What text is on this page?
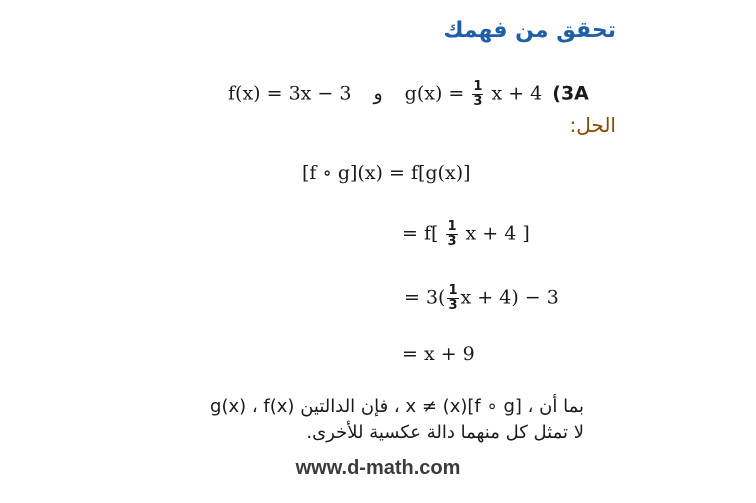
تحقق من فهمك
f(x) = 3x − 3 و $g(x) = \frac{1}{3}$ x + 4 (3A
الحل:
[f ∘ g](x) = f[g(x)]
= $f[ \frac{1}{3}$ x + 4 ]
= $3( \frac{1}{3}$ x + 4) − 3
= x + 9
بما أن ، [f ∘ g](x) ≠ x ، فإن الدالتين g(x) ، f(x)
لا تمثل كل منهما دالة عكسية للأخرى.
www.d-math.com
